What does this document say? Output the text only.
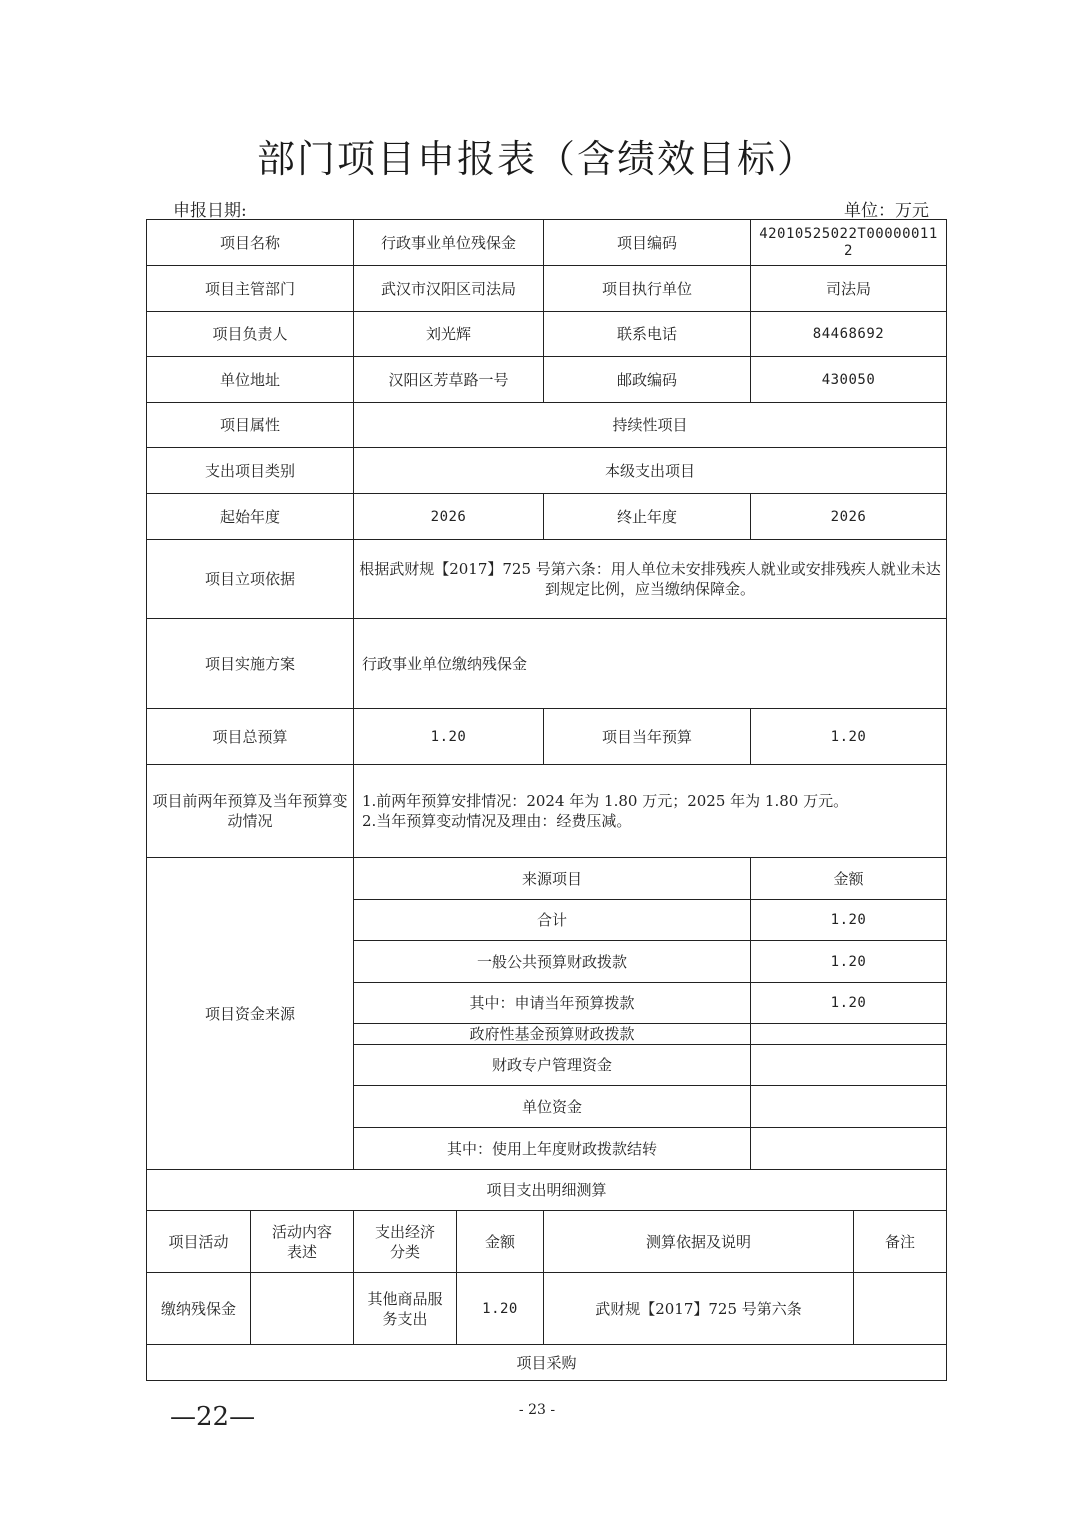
部门项目申报表（含绩效目标）
申报日期:	单位：万元
项目名称	行政事业单位残保金	项目编码	42010525022T000000112
项目主管部门	武汉市汉阳区司法局	项目执行单位	司法局
项目负责人	刘光辉	联系电话	84468692
单位地址	汉阳区芳草路一号	邮政编码	430050
项目属性	持续性项目		
支出项目类别	本级支出项目		
起始年度	2026	终止年度	2026
项目立项依据	根据武财规【2017】725 号第六条：用人单位未安排残疾人就业或安排残疾人就业未达到规定比例，应当缴纳保障金。		
项目实施方案	行政事业单位缴纳残保金		
项目总预算	1.20	项目当年预算	1.20
项目前两年预算及当年预算变动情况	1.前两年预算安排情况：2024 年为 1.80 万元；2025 年为 1.80 万元。
2.当年预算变动情况及理由：经费压减。		

项目资金来源	来源项目		金额
	合计		1.20
	一般公共预算财政拨款		1.20
	其中：申请当年预算拨款		1.20
	政府性基金预算财政拨款		
	财政专户管理资金		
	单位资金		
	其中：使用上年度财政拨款结转		
项目支出明细测算					
项目活动	活动内容表述	支出经济分类	金额	测算依据及说明	备注
缴纳残保金		其他商品服务支出	1.20	武财规【2017】725 号第六条	
项目采购					
—22—	- 23 -
